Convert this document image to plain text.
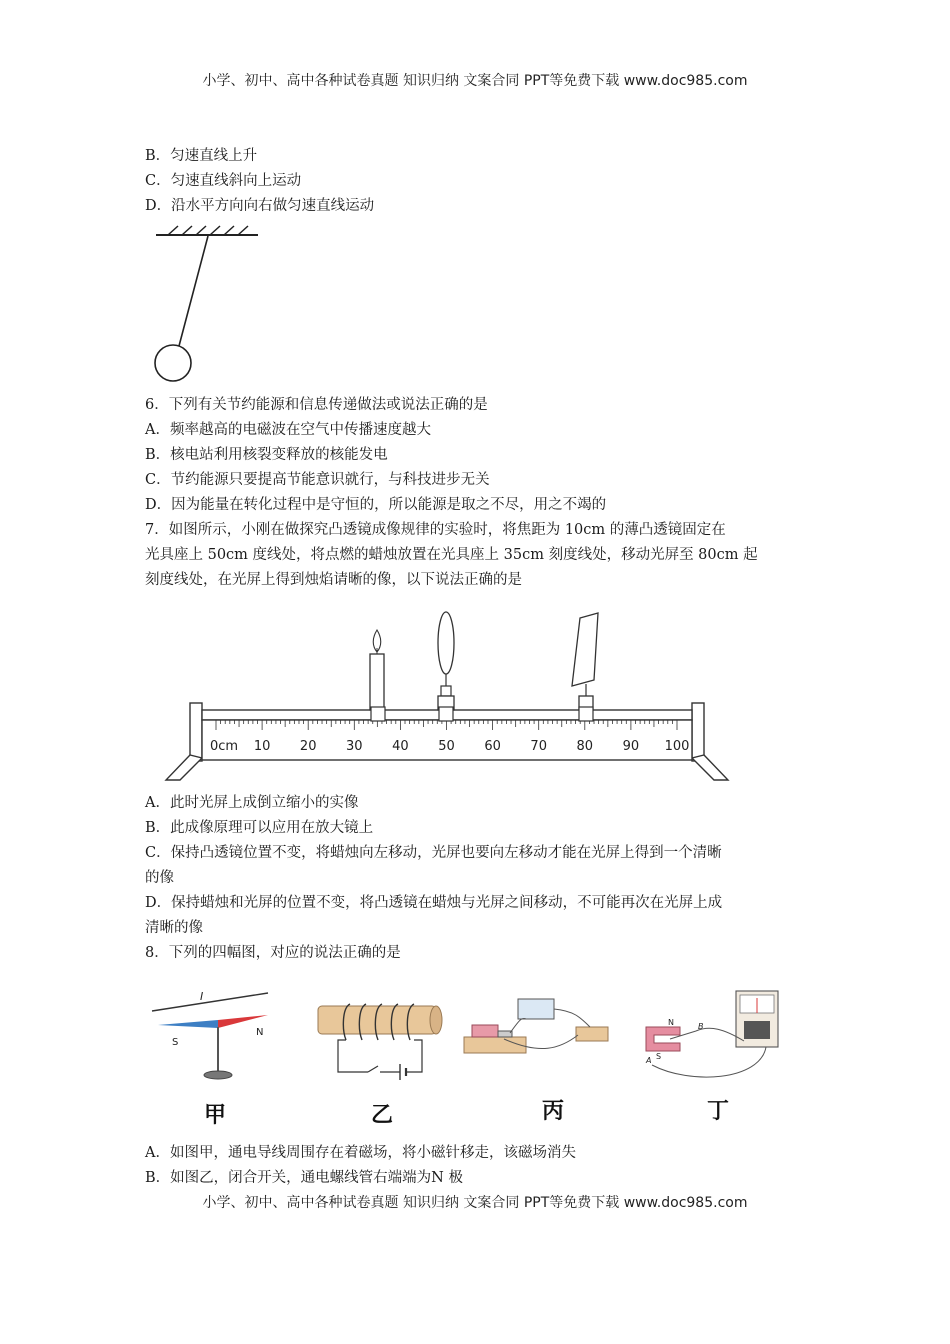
小学、初中、高中各种试卷真题 知识归纳 文案合同 PPT等免费下载 www.doc985.com
小学、初中、高中各种试卷真题 知识归纳 文案合同 PPT等免费下载 www.doc985.com
B．匀速直线上升
C．匀速直线斜向上运动
D．沿水平方向向右做匀速直线运动
6．下列有关节约能源和信息传递做法或说法正确的是
A．频率越高的电磁波在空气中传播速度越大
B．核电站利用核裂变释放的核能发电
C．节约能源只要提高节能意识就行，与科技进步无关
D．因为能量在转化过程中是守恒的，所以能源是取之不尽，用之不竭的
7．如图所示，小刚在做探究凸透镜成像规律的实验时，将焦距为 10cm 的薄凸透镜固定在
光具座上 50cm 度线处，将点燃的蜡烛放置在光具座上 35cm 刻度线处，移动光屏至 80cm 起
刻度线处，在光屏上得到烛焰请晰的像，以下说法正确的是
0cm 10 20 30 40 50 60 70 80 90 100
A．此时光屏上成倒立缩小的实像
B．此成像原理可以应用在放大镜上
C．保持凸透镜位置不变，将蜡烛向左移动，光屏也要向左移动才能在光屏上得到一个清晰
的像
D．保持蜡烛和光屏的位置不变，将凸透镜在蜡烛与光屏之间移动，不可能再次在光屏上成
清晰的像
8．下列的四幅图，对应的说法正确的是
I
S
N
N
S
A
B
甲	乙	丙	丁
A．如图甲，通电导线周围存在着磁场，将小磁针移走，该磁场消失
B．如图乙，闭合开关，通电螺线管右端端为N 极
